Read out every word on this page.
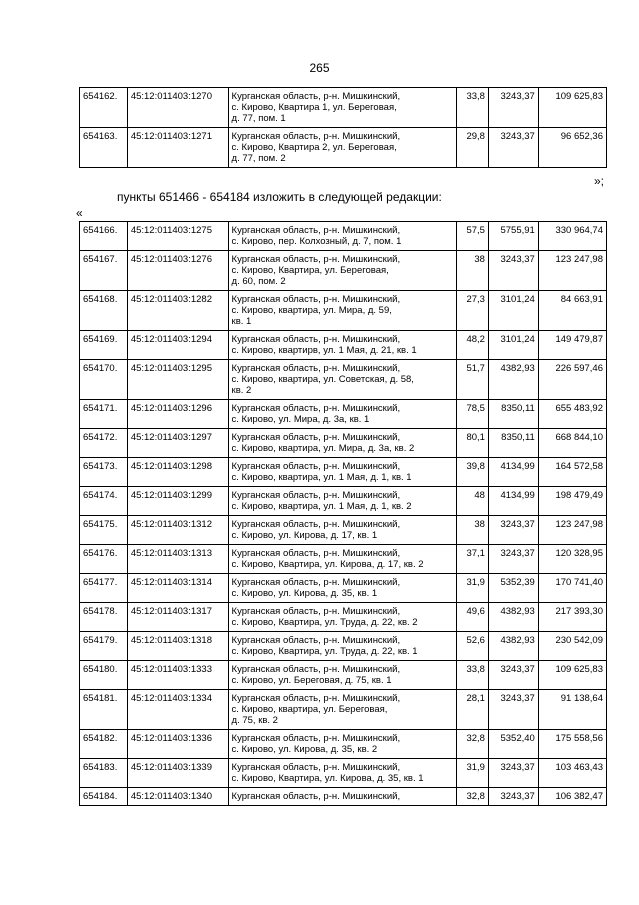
265
654162.	45:12:011403:1270	Курганская область, р-н. Мишкинский,
с. Кирово, Квартира 1, ул. Береговая,
д. 77, пом. 1	33,8	3243,37	109 625,83
654163.	45:12:011403:1271	Курганская область, р-н. Мишкинский,
с. Кирово, Квартира 2, ул. Береговая,
д. 77, пом. 2	29,8	3243,37	96 652,36
»;
пункты 651466 - 654184 изложить в следующей редакции:
«
654166.	45:12:011403:1275	Курганская область, р-н. Мишкинский,
с. Кирово, пер. Колхозный, д. 7, пом. 1	57,5	5755,91	330 964,74
654167.	45:12:011403:1276	Курганская область, р-н. Мишкинский,
с. Кирово, Квартира, ул. Береговая,
д. 60, пом. 2	38	3243,37	123 247,98
654168.	45:12:011403:1282	Курганская область, р-н. Мишкинский,
с. Кирово, квартира, ул. Мира, д. 59,
кв. 1	27,3	3101,24	84 663,91
654169.	45:12:011403:1294	Курганская область, р-н. Мишкинский,
с. Кирово, квартирв, ул. 1 Мая, д. 21, кв. 1	48,2	3101,24	149 479,87
654170.	45:12:011403:1295	Курганская область, р-н. Мишкинский,
с. Кирово, квартира, ул. Советская, д. 58,
кв. 2	51,7	4382,93	226 597,46
654171.	45:12:011403:1296	Курганская область, р-н. Мишкинский,
с. Кирово, ул. Мира, д. 3а, кв. 1	78,5	8350,11	655 483,92
654172.	45:12:011403:1297	Курганская область, р-н. Мишкинский,
с. Кирово, квартира, ул. Мира, д. 3а, кв. 2	80,1	8350,11	668 844,10
654173.	45:12:011403:1298	Курганская область, р-н. Мишкинский,
с. Кирово, квартира, ул. 1 Мая, д. 1, кв. 1	39,8	4134,99	164 572,58
654174.	45:12:011403:1299	Курганская область, р-н. Мишкинский,
с. Кирово, квартира, ул. 1 Мая, д. 1, кв. 2	48	4134,99	198 479,49
654175.	45:12:011403:1312	Курганская область, р-н. Мишкинский,
с. Кирово, ул. Кирова, д. 17, кв. 1	38	3243,37	123 247,98
654176.	45:12:011403:1313	Курганская область, р-н. Мишкинский,
с. Кирово, Квартира, ул. Кирова, д. 17, кв. 2	37,1	3243,37	120 328,95
654177.	45:12:011403:1314	Курганская область, р-н. Мишкинский,
с. Кирово, ул. Кирова, д. 35, кв. 1	31,9	5352,39	170 741,40
654178.	45:12:011403:1317	Курганская область, р-н. Мишкинский,
с. Кирово, Квартира, ул. Труда, д. 22, кв. 2	49,6	4382,93	217 393,30
654179.	45:12:011403:1318	Курганская область, р-н. Мишкинский,
с. Кирово, Квартира, ул. Труда, д. 22, кв. 1	52,6	4382,93	230 542,09
654180.	45:12:011403:1333	Курганская область, р-н. Мишкинский,
с. Кирово, ул. Береговая, д. 75, кв. 1	33,8	3243,37	109 625,83
654181.	45:12:011403:1334	Курганская область, р-н. Мишкинский,
с. Кирово, квартира, ул. Береговая,
д. 75, кв. 2	28,1	3243,37	91 138,64
654182.	45:12:011403:1336	Курганская область, р-н. Мишкинский,
с. Кирово, ул. Кирова, д. 35, кв. 2	32,8	5352,40	175 558,56
654183.	45:12:011403:1339	Курганская область, р-н. Мишкинский,
с. Кирово, Квартира, ул. Кирова, д. 35, кв. 1	31,9	3243,37	103 463,43
654184.	45:12:011403:1340	Курганская область, р-н. Мишкинский,	32,8	3243,37	106 382,47
